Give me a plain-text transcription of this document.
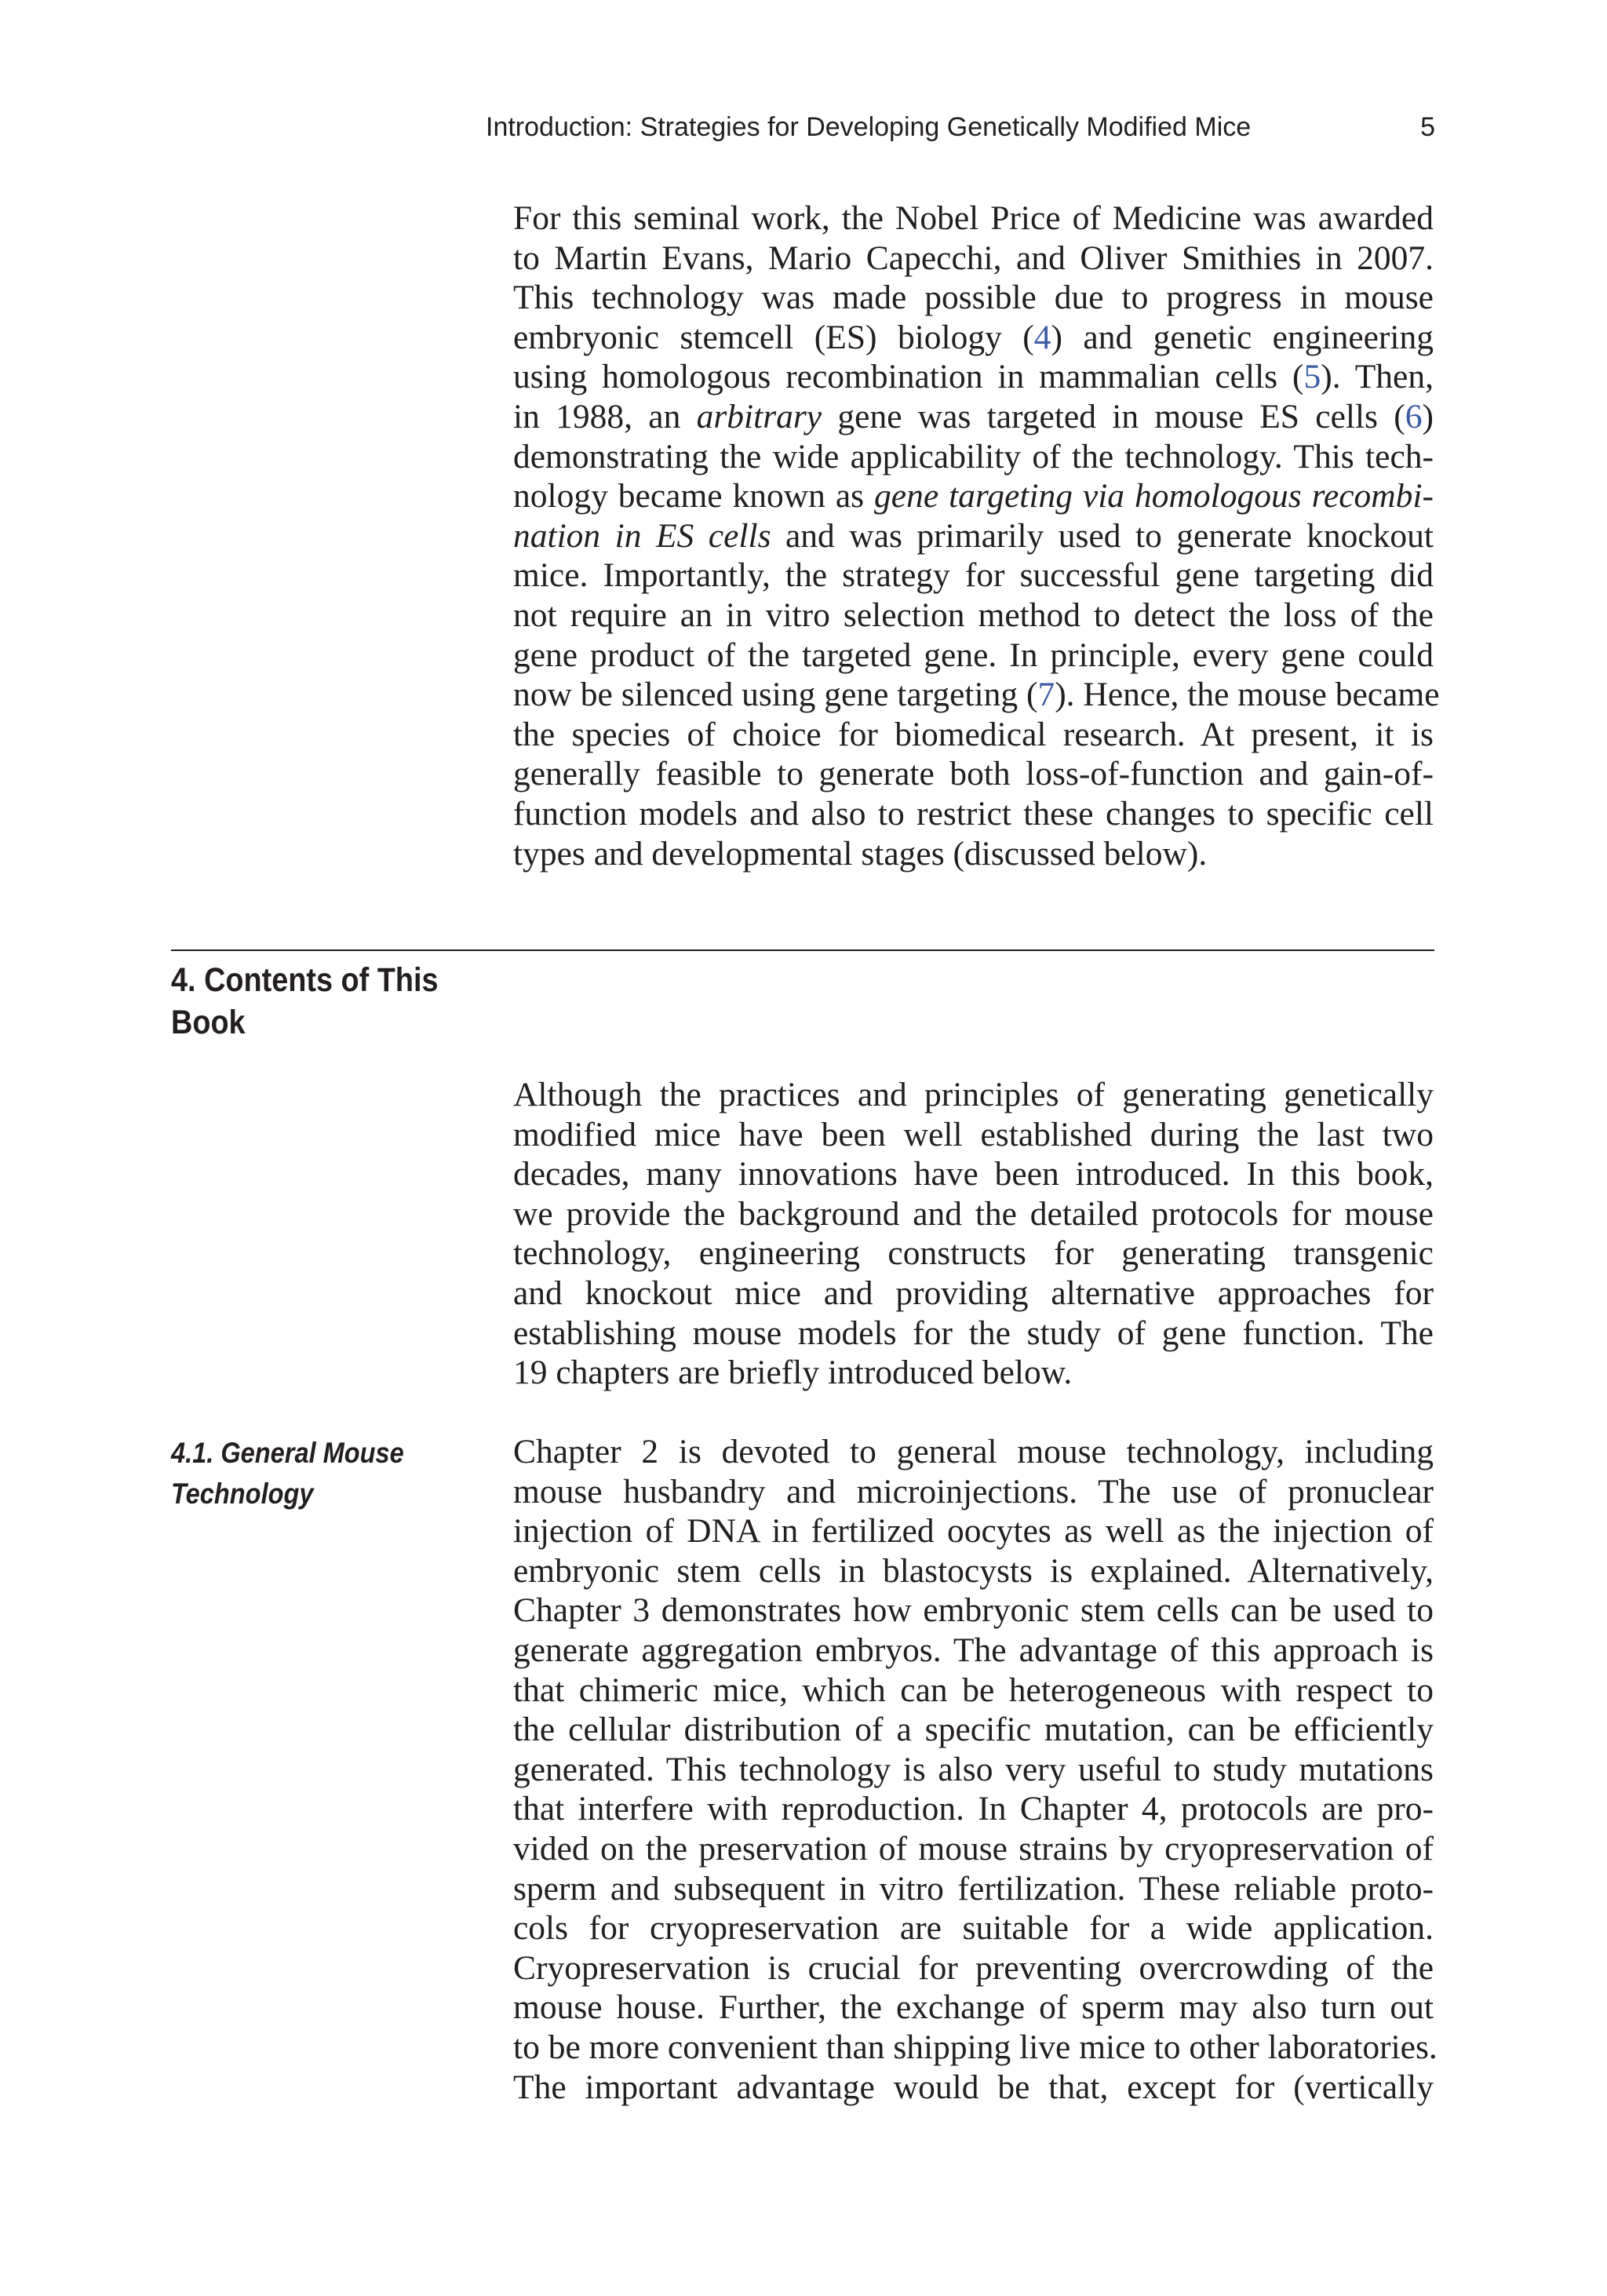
Introduction: Strategies for Developing Genetically Modified Mice	5

For this seminal work, the Nobel Price of Medicine was awarded
to Martin Evans, Mario Capecchi, and Oliver Smithies in 2007.
This technology was made possible due to progress in mouse
embryonic stemcell (ES) biology (4) and genetic engineering
using homologous recombination in mammalian cells (5). Then,
in 1988, an arbitrary gene was targeted in mouse ES cells (6)
demonstrating the wide applicability of the technology. This tech-
nology became known as gene targeting via homologous recombi-
nation in ES cells and was primarily used to generate knockout
mice. Importantly, the strategy for successful gene targeting did
not require an in vitro selection method to detect the loss of the
gene product of the targeted gene. In principle, every gene could
now be silenced using gene targeting (7). Hence, the mouse became
the species of choice for biomedical research. At present, it is
generally feasible to generate both loss-of-function and gain-of-
function models and also to restrict these changes to specific cell
types and developmental stages (discussed below).

4. Contents of This Book

Although the practices and principles of generating genetically
modified mice have been well established during the last two
decades, many innovations have been introduced. In this book,
we provide the background and the detailed protocols for mouse
technology, engineering constructs for generating transgenic
and knockout mice and providing alternative approaches for
establishing mouse models for the study of gene function. The
19 chapters are briefly introduced below.

4.1. General Mouse Technology

Chapter 2 is devoted to general mouse technology, including
mouse husbandry and microinjections. The use of pronuclear
injection of DNA in fertilized oocytes as well as the injection of
embryonic stem cells in blastocysts is explained. Alternatively,
Chapter 3 demonstrates how embryonic stem cells can be used to
generate aggregation embryos. The advantage of this approach is
that chimeric mice, which can be heterogeneous with respect to
the cellular distribution of a specific mutation, can be efficiently
generated. This technology is also very useful to study mutations
that interfere with reproduction. In Chapter 4, protocols are pro-
vided on the preservation of mouse strains by cryopreservation of
sperm and subsequent in vitro fertilization. These reliable proto-
cols for cryopreservation are suitable for a wide application.
Cryopreservation is crucial for preventing overcrowding of the
mouse house. Further, the exchange of sperm may also turn out
to be more convenient than shipping live mice to other laboratories.
The important advantage would be that, except for (vertically
